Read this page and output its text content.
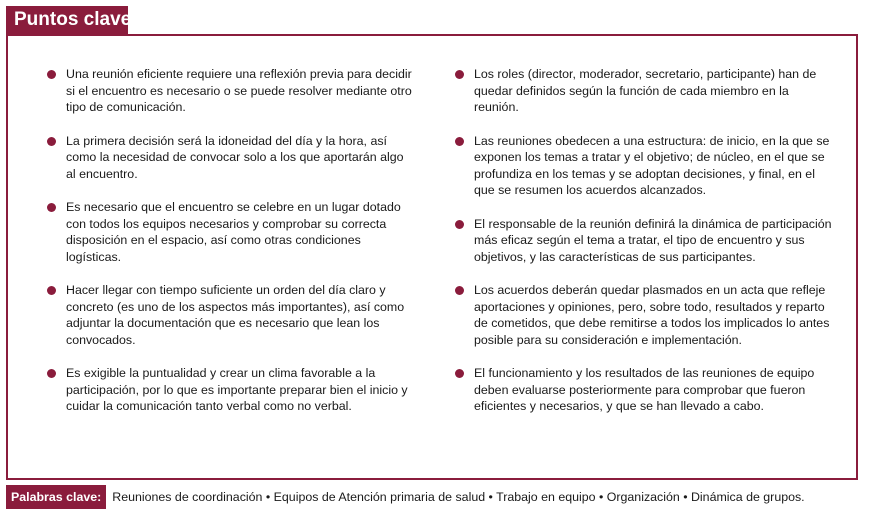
Puntos clave
Una reunión eficiente requiere una reflexión previa para decidir si el encuentro es necesario o se puede resolver mediante otro tipo de comunicación.
La primera decisión será la idoneidad del día y la hora, así como la necesidad de convocar solo a los que aportarán algo al encuentro.
Es necesario que el encuentro se celebre en un lugar dotado con todos los equipos necesarios y comprobar su correcta disposición en el espacio, así como otras condiciones logísticas.
Hacer llegar con tiempo suficiente un orden del día claro y concreto (es uno de los aspectos más importantes), así como adjuntar la documentación que es necesario que lean los convocados.
Es exigible la puntualidad y crear un clima favorable a la participación, por lo que es importante preparar bien el inicio y cuidar la comunicación tanto verbal como no verbal.
Los roles (director, moderador, secretario, participante) han de quedar definidos según la función de cada miembro en la reunión.
Las reuniones obedecen a una estructura: de inicio, en la que se exponen los temas a tratar y el objetivo; de núcleo, en el que se profundiza en los temas y se adoptan decisiones, y final, en el que se resumen los acuerdos alcanzados.
El responsable de la reunión definirá la dinámica de participación más eficaz según el tema a tratar, el tipo de encuentro y sus objetivos, y las características de sus participantes.
Los acuerdos deberán quedar plasmados en un acta que refleje aportaciones y opiniones, pero, sobre todo, resultados y reparto de cometidos, que debe remitirse a todos los implicados lo antes posible para su consideración e implementación.
El funcionamiento y los resultados de las reuniones de equipo deben evaluarse posteriormente para comprobar que fueron eficientes y necesarios, y que se han llevado a cabo.
Palabras clave: Reuniones de coordinación • Equipos de Atención primaria de salud • Trabajo en equipo • Organización • Dinámica de grupos.
